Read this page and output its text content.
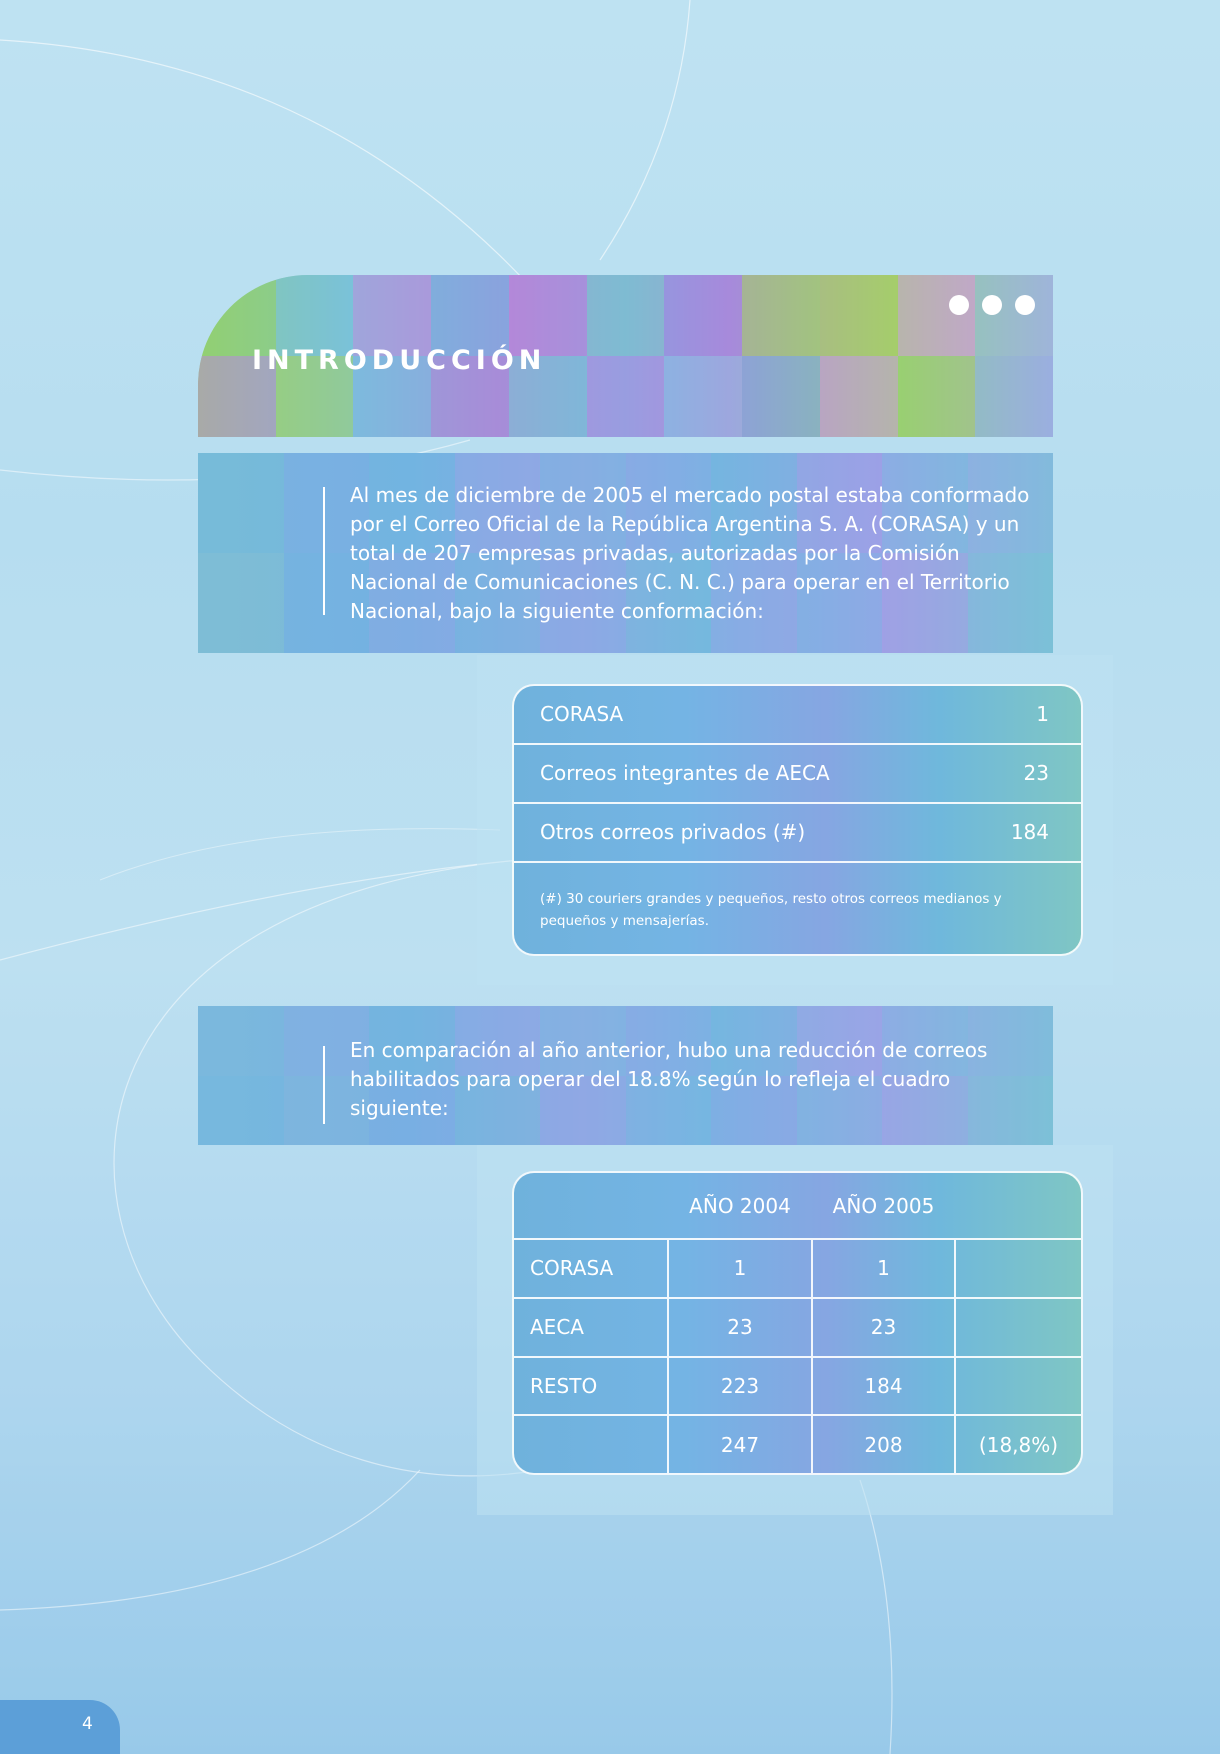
INTRODUCCIÓN

Al mes de diciembre de 2005 el mercado postal estaba conformado por el Correo Oficial de la República Argentina S. A. (CORASA) y un total de 207 empresas privadas, autorizadas por la Comisión Nacional de Comunicaciones (C. N. C.) para operar en el Territorio Nacional, bajo la siguiente conformación:

CORASA	1
Correos integrantes de AECA	23
Otros correos privados (#)	184

(#) 30 couriers grandes y pequeños, resto otros correos medianos y pequeños y mensajerías.

En comparación al año anterior, hubo una reducción de correos habilitados para operar del 18.8% según lo refleja el cuadro siguiente:

	AÑO 2004	AÑO 2005	
CORASA	1	1	
AECA	23	23	
RESTO	223	184	
	247	208	(18,8%)
4
